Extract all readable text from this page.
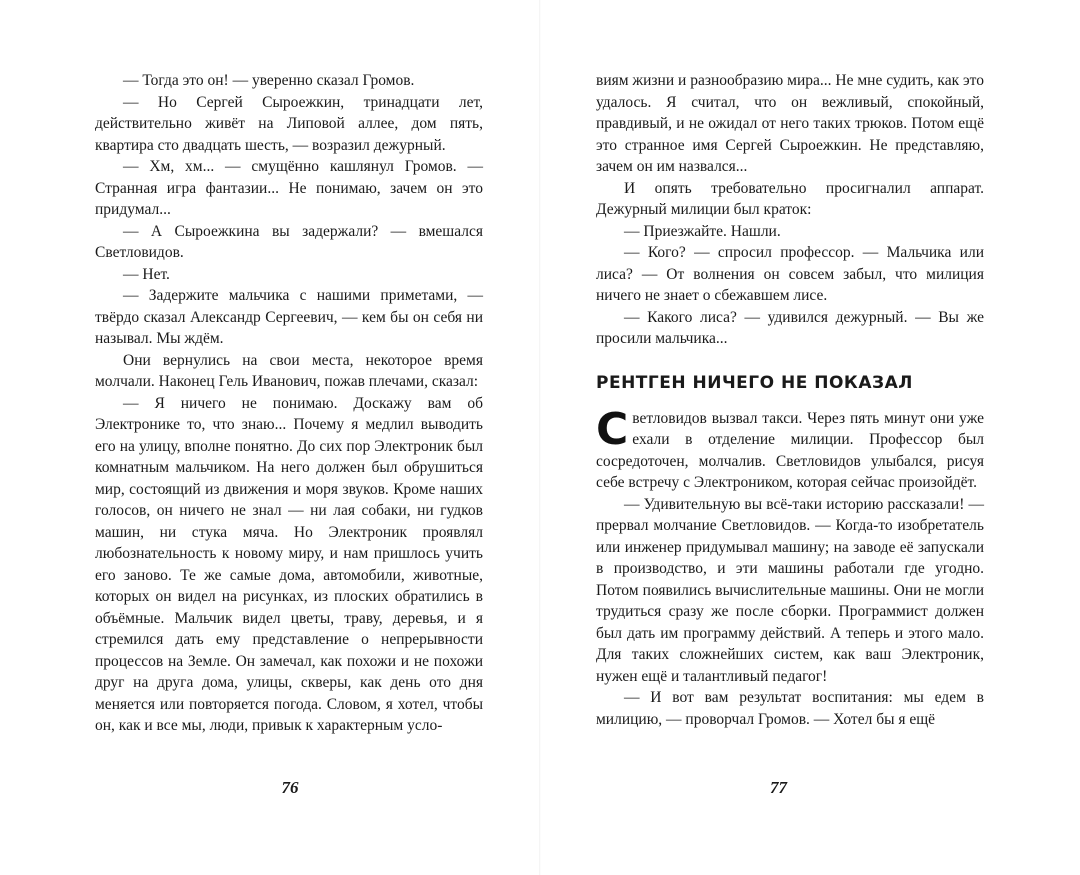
— Тогда это он! — уверенно сказал Громов.

— Но Сергей Сыроежкин, тринадцати лет, действительно живёт на Липовой аллее, дом пять, квартира сто двадцать шесть, — возразил дежурный.

— Хм, хм... — смущённо кашлянул Громов. — Странная игра фантазии... Не понимаю, зачем он это придумал...

— А Сыроежкина вы задержали? — вмешался Светловидов.

— Нет.

— Задержите мальчика с нашими приметами, — твёрдо сказал Александр Сергеевич, — кем бы он себя ни называл. Мы ждём.

Они вернулись на свои места, некоторое время молчали. Наконец Гель Иванович, пожав плечами, сказал:

— Я ничего не понимаю. Доскажу вам об Электронике то, что знаю... Почему я медлил выводить его на улицу, вполне понятно. До сих пор Электроник был комнатным мальчиком. На него должен был обрушиться мир, состоящий из движения и моря звуков. Кроме наших голосов, он ничего не знал — ни лая собаки, ни гудков машин, ни стука мяча. Но Электроник проявлял любознательность к новому миру, и нам пришлось учить его заново. Те же самые дома, автомобили, животные, которых он видел на рисунках, из плоских обратились в объёмные. Мальчик видел цветы, траву, деревья, и я стремился дать ему представление о непрерывности процессов на Земле. Он замечал, как похожи и не похожи друг на друга дома, улицы, скверы, как день ото дня меняется или повторяется погода. Словом, я хотел, чтобы он, как и все мы, люди, привык к характерным усло-

76

виям жизни и разнообразию мира... Не мне судить, как это удалось. Я считал, что он вежливый, спокойный, правдивый, и не ожидал от него таких трюков. Потом ещё это странное имя Сергей Сыроежкин. Не представляю, зачем он им назвался...

И опять требовательно просигналил аппарат. Дежурный милиции был краток:

— Приезжайте. Нашли.

— Кого? — спросил профессор. — Мальчика или лиса? — От волнения он совсем забыл, что милиция ничего не знает о сбежавшем лисе.

— Какого лиса? — удивился дежурный. — Вы же просили мальчика...

РЕНТГЕН НИЧЕГО НЕ ПОКАЗАЛ

Светловидов вызвал такси. Через пять минут они уже ехали в отделение милиции. Профессор был сосредоточен, молчалив. Светловидов улыбался, рисуя себе встречу с Электроником, которая сейчас произойдёт.

— Удивительную вы всё-таки историю рассказали! — прервал молчание Светловидов. — Когда-то изобретатель или инженер придумывал машину; на заводе её запускали в производство, и эти машины работали где угодно. Потом появились вычислительные машины. Они не могли трудиться сразу же после сборки. Программист должен был дать им программу действий. А теперь и этого мало. Для таких сложнейших систем, как ваш Электроник, нужен ещё и талантливый педагог!

— И вот вам результат воспитания: мы едем в милицию, — проворчал Громов. — Хотел бы я ещё

77
